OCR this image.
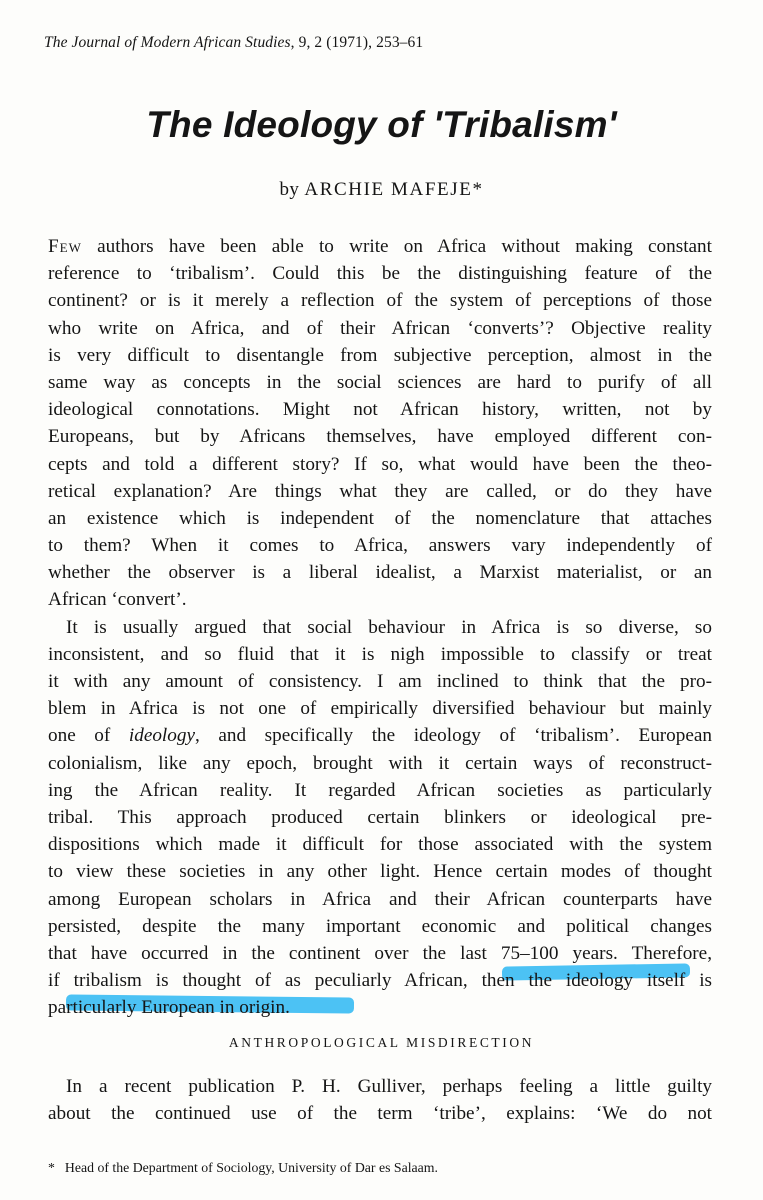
The Journal of Modern African Studies, 9, 2 (1971), 253–61
The Ideology of 'Tribalism'
by ARCHIE MAFEJE*
Few authors have been able to write on Africa without making constant
reference to ‘tribalism’. Could this be the distinguishing feature of the
continent? or is it merely a reflection of the system of perceptions of those
who write on Africa, and of their African ‘converts’? Objective reality
is very difficult to disentangle from subjective perception, almost in the
same way as concepts in the social sciences are hard to purify of all
ideological connotations. Might not African history, written, not by
Europeans, but by Africans themselves, have employed different con-
cepts and told a different story? If so, what would have been the theo-
retical explanation? Are things what they are called, or do they have
an existence which is independent of the nomenclature that attaches
to them? When it comes to Africa, answers vary independently of
whether the observer is a liberal idealist, a Marxist materialist, or an
African ‘convert’.
It is usually argued that social behaviour in Africa is so diverse, so
inconsistent, and so fluid that it is nigh impossible to classify or treat
it with any amount of consistency. I am inclined to think that the pro-
blem in Africa is not one of empirically diversified behaviour but mainly
one of ideology, and specifically the ideology of ‘tribalism’. European
colonialism, like any epoch, brought with it certain ways of reconstruct-
ing the African reality. It regarded African societies as particularly
tribal. This approach produced certain blinkers or ideological pre-
dispositions which made it difficult for those associated with the system
to view these societies in any other light. Hence certain modes of thought
among European scholars in Africa and their African counterparts have
persisted, despite the many important economic and political changes
that have occurred in the continent over the last 75–100 years. Therefore,
if tribalism is thought of as peculiarly African, then the ideology itself is
particularly European in origin.
ANTHROPOLOGICAL MISDIRECTION
In a recent publication P. H. Gulliver, perhaps feeling a little guilty
about the continued use of the term ‘tribe’, explains: ‘We do not
* Head of the Department of Sociology, University of Dar es Salaam.
